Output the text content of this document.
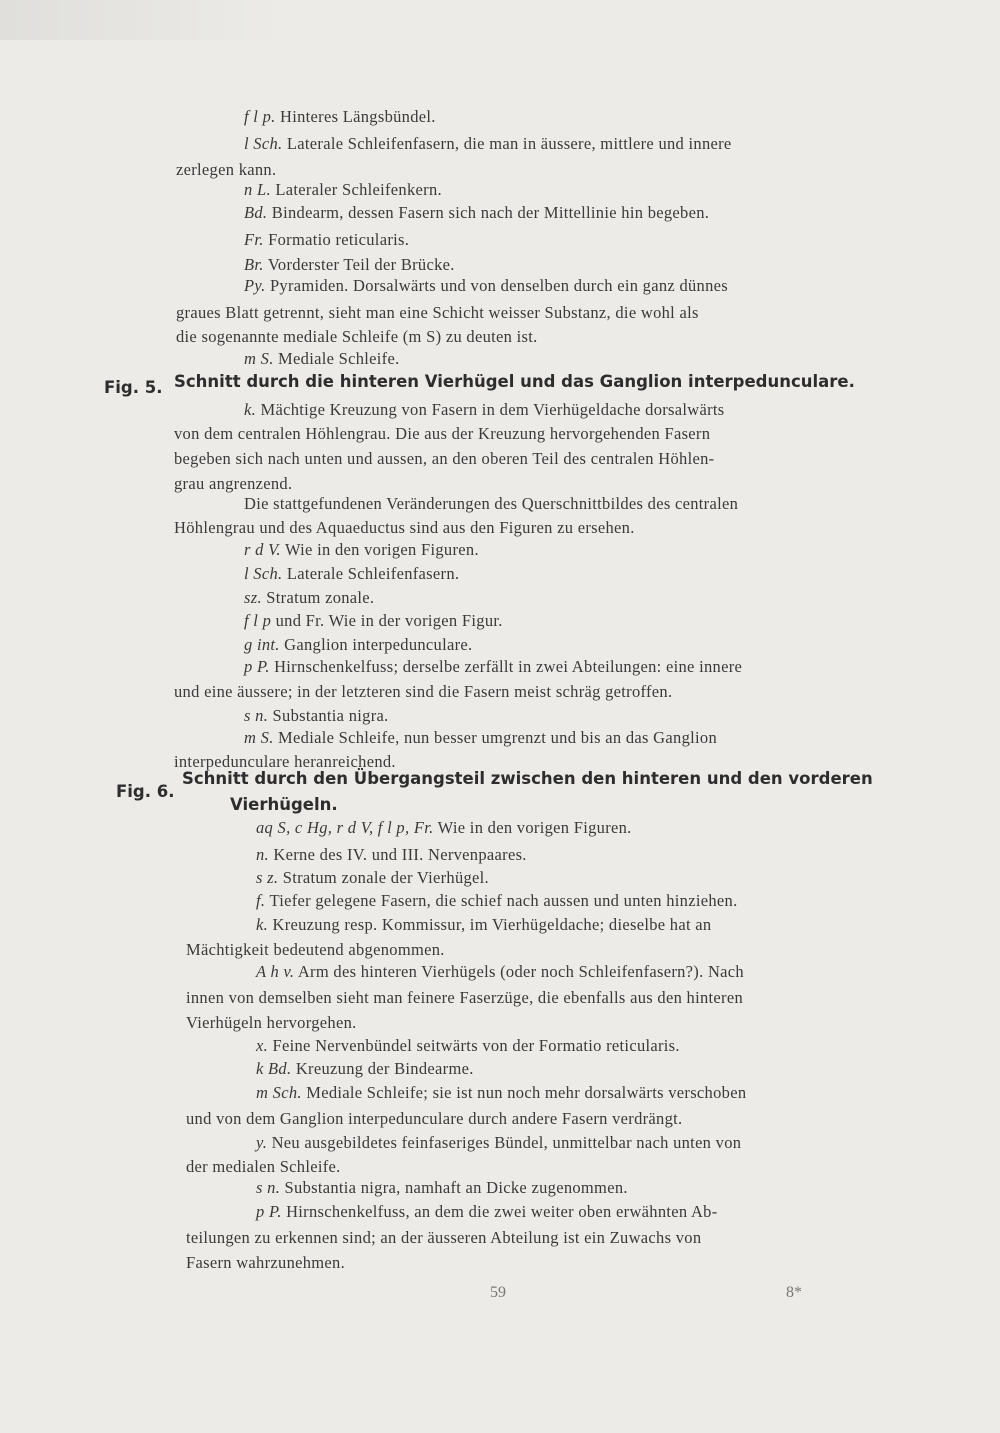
f l p. Hinteres Längsbündel.
l Sch. Laterale Schleifenfasern, die man in äussere, mittlere und innere
zerlegen kann.
n L. Lateraler Schleifenkern.
Bd. Bindearm, dessen Fasern sich nach der Mittellinie hin begeben.
Fr. Formatio reticularis.
Br. Vorderster Teil der Brücke.
Py. Pyramiden. Dorsalwärts und von denselben durch ein ganz dünnes
graues Blatt getrennt, sieht man eine Schicht weisser Substanz, die wohl als
die sogenannte mediale Schleife (m S) zu deuten ist.
m S. Mediale Schleife.
Fig. 5. Schnitt durch die hinteren Vierhügel und das Ganglion interpedunculare.
k. Mächtige Kreuzung von Fasern in dem Vierhügeldache dorsalwärts
von dem centralen Höhlengrau. Die aus der Kreuzung hervorgehenden Fasern
begeben sich nach unten und aussen, an den oberen Teil des centralen Höhlen-
grau angrenzend.
Die stattgefundenen Veränderungen des Querschnittbildes des centralen
Höhlengrau und des Aquaeductus sind aus den Figuren zu ersehen.
r d V. Wie in den vorigen Figuren.
l Sch. Laterale Schleifenfasern.
sz. Stratum zonale.
f l p und Fr. Wie in der vorigen Figur.
g int. Ganglion interpedunculare.
p P. Hirnschenkelfuss; derselbe zerfällt in zwei Abteilungen: eine innere
und eine äussere; in der letzteren sind die Fasern meist schräg getroffen.
s n. Substantia nigra.
m S. Mediale Schleife, nun besser umgrenzt und bis an das Ganglion
interpedunculare heranreichend.
Fig. 6.
Schnitt durch den Übergangsteil zwischen den hinteren und den vorderen
Vierhügeln.
aq S, c Hg, r d V, f l p, Fr. Wie in den vorigen Figuren.
n. Kerne des IV. und III. Nervenpaares.
s z. Stratum zonale der Vierhügel.
f. Tiefer gelegene Fasern, die schief nach aussen und unten hinziehen.
k. Kreuzung resp. Kommissur, im Vierhügeldache; dieselbe hat an
Mächtigkeit bedeutend abgenommen.
A h v. Arm des hinteren Vierhügels (oder noch Schleifenfasern?). Nach
innen von demselben sieht man feinere Faserzüge, die ebenfalls aus den hinteren
Vierhügeln hervorgehen.
x. Feine Nervenbündel seitwärts von der Formatio reticularis.
k Bd. Kreuzung der Bindearme.
m Sch. Mediale Schleife; sie ist nun noch mehr dorsalwärts verschoben
und von dem Ganglion interpedunculare durch andere Fasern verdrängt.
y. Neu ausgebildetes feinfaseriges Bündel, unmittelbar nach unten von
der medialen Schleife.
s n. Substantia nigra, namhaft an Dicke zugenommen.
p P. Hirnschenkelfuss, an dem die zwei weiter oben erwähnten Ab-
teilungen zu erkennen sind; an der äusseren Abteilung ist ein Zuwachs von
Fasern wahrzunehmen.
59	8*
